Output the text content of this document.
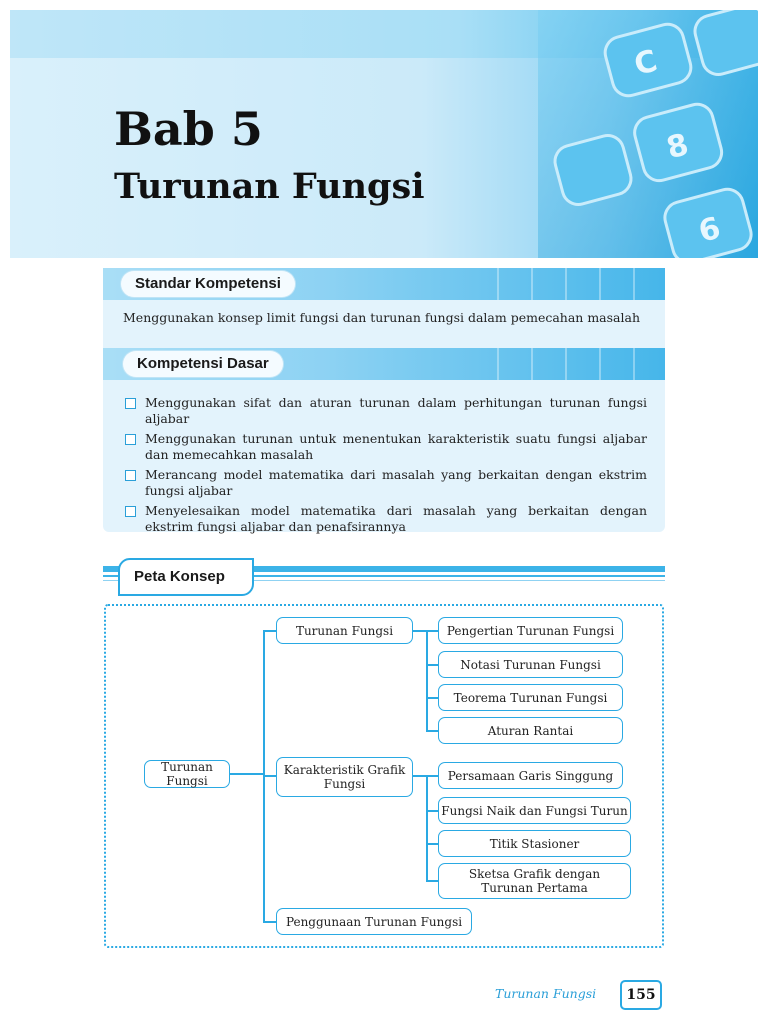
C
8
6
Bab 5
Turunan Fungsi
Standar Kompetensi
Menggunakan konsep limit fungsi dan turunan fungsi dalam pemecahan masalah
Kompetensi Dasar
Menggunakan sifat dan aturan turunan dalam perhitungan turunan fungsi aljabar
Menggunakan turunan untuk menentukan karakteristik suatu fungsi aljabar dan memecahkan masalah
Merancang model matematika dari masalah yang berkaitan dengan ekstrim fungsi aljabar
Menyelesaikan model matematika dari masalah yang berkaitan dengan ekstrim fungsi aljabar dan penafsirannya
Peta Konsep
Turunan Fungsi
Turunan Fungsi
Karakteristik Grafik Fungsi
Penggunaan Turunan Fungsi
Pengertian Turunan Fungsi
Notasi Turunan Fungsi
Teorema Turunan Fungsi
Aturan Rantai
Persamaan Garis Singgung
Fungsi Naik dan Fungsi Turun
Titik Stasioner
Sketsa Grafik dengan Turunan Pertama
Turunan Fungsi	155
